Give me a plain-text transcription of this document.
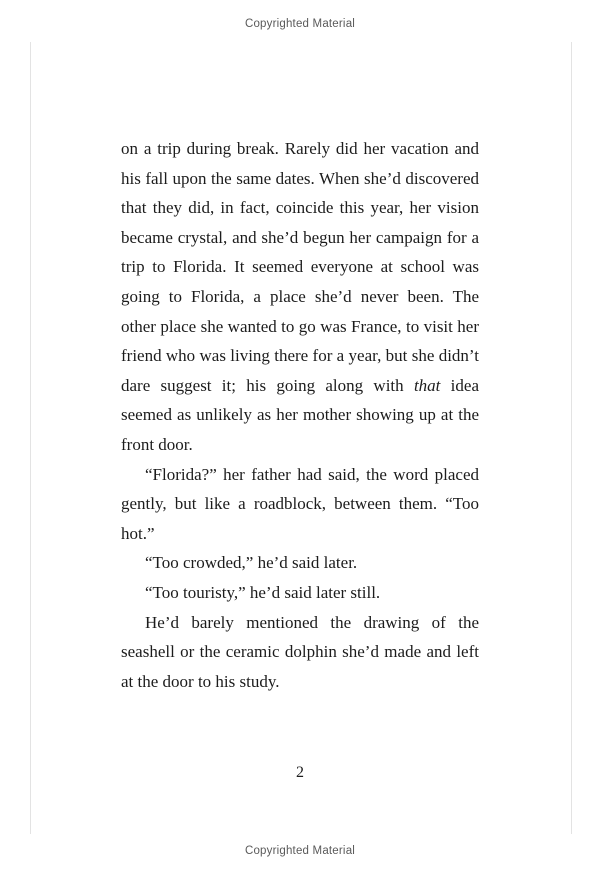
Copyrighted Material

on a trip during break. Rarely did her vacation and his fall upon the same dates. When she’d discovered that they did, in fact, coincide this year, her vision became crystal, and she’d begun her campaign for a trip to Florida. It seemed everyone at school was going to Florida, a place she’d never been. The other place she wanted to go was France, to visit her friend who was living there for a year, but she didn’t dare suggest it; his going along with that idea seemed as unlikely as her mother showing up at the front door.

“Florida?” her father had said, the word placed gently, but like a roadblock, between them. “Too hot.”

“Too crowded,” he’d said later.

“Too touristy,” he’d said later still.

He’d barely mentioned the drawing of the seashell or the ceramic dolphin she’d made and left at the door to his study.

2
Copyrighted Material
